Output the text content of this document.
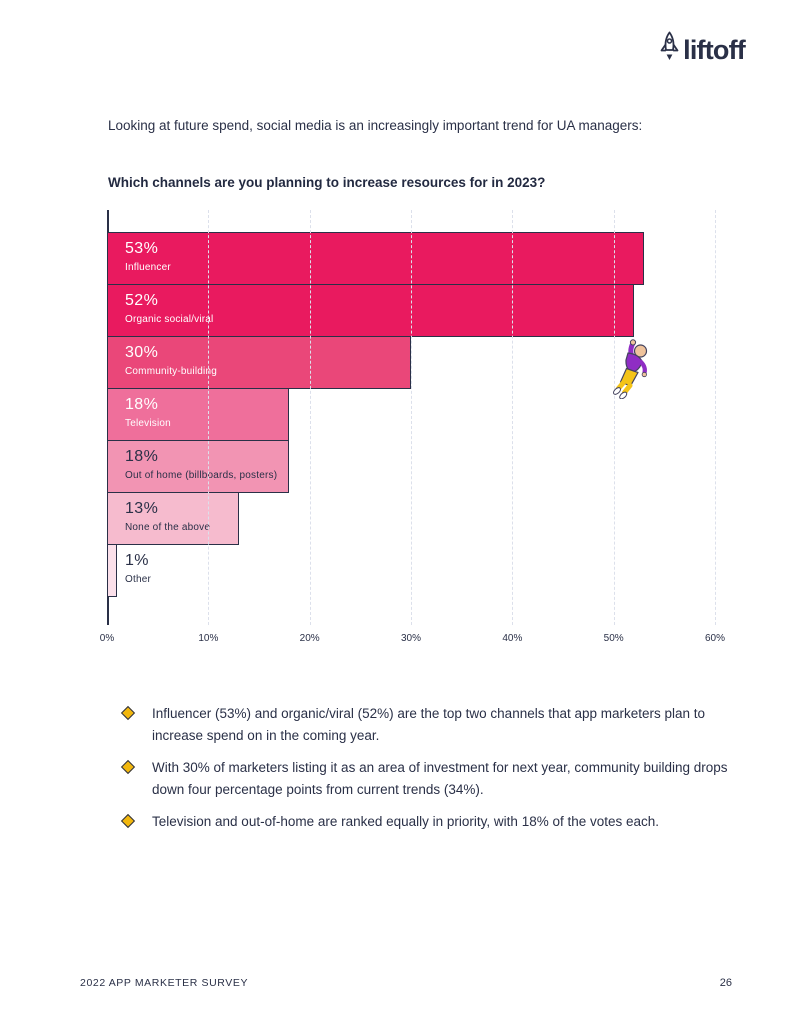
liftoff

Looking at future spend, social media is an increasingly important trend for UA managers:

Which channels are you planning to increase resources for in 2023?
53%
Influencer
52%
Organic social/viral
30%
Community-building
18%
Television
18%
Out of home (billboards, posters)
13%
None of the above
1%
Other
0%	10%	20%	30%	40%	50%	60%
Influencer (53%) and organic/viral (52%) are the top two channels that app marketers plan to increase spend on in the coming year.
With 30% of marketers listing it as an area of investment for next year, community building drops down four percentage points from current trends (34%).
Television and out-of-home are ranked equally in priority, with 18% of the votes each.
2022 APP MARKETER SURVEY	26
